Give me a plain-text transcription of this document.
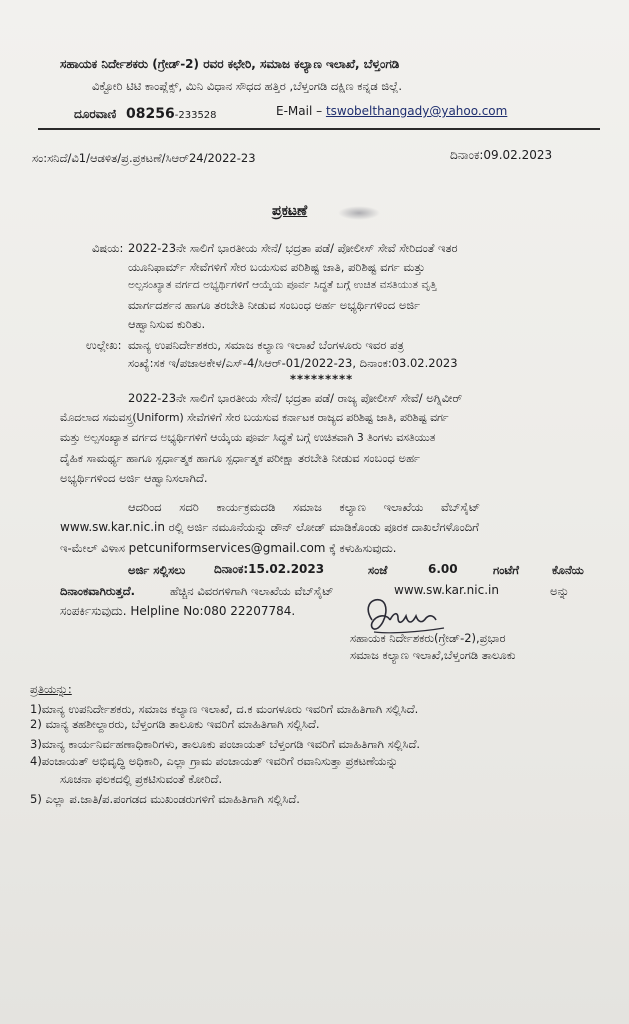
ಸಹಾಯಕ ನಿರ್ದೇಶಕರು (ಗ್ರೇಡ್-2) ರವರ ಕಛೇರಿ, ಸಮಾಜ ಕಲ್ಯಾಣ ಇಲಾಖೆ, ಬೆಳ್ತಂಗಡಿ
ವಿಕ್ಟೋರಿ ಟಿಟಿ ಕಾಂಪ್ಲೆಕ್ಸ್, ಮಿನಿ ವಿಧಾನ ಸೌಧದ ಹತ್ತಿರ ,ಬೆಳ್ತಂಗಡಿ ದಕ್ಷಿಣ ಕನ್ನಡ ಜಿಲ್ಲೆ.
ದೂರವಾಣಿ 08256-233528	E-Mail – tswobelthangady@yahoo.com
ಸಂ:ಸನಿದೆ/ವಿ1/ಆಡಳಿತ/ಪ್ರ.ಪ್ರಕಟಣೆ/ಸಿಆರ್24/2022-23	ದಿನಾಂಕ:09.02.2023
ಪ್ರಕಟಣೆ
ವಿಷಯ: 2022-23ನೇ ಸಾಲಿಗೆ ಭಾರತೀಯ ಸೇನೆ/ ಭದ್ರತಾ ಪಡೆ/ ಪೋಲೀಸ್ ಸೇವೆ ಸೇರಿದಂತೆ ಇತರ
ಯೂನಿಫಾರ್ಮ್ ಸೇವೆಗಳಿಗೆ ಸೇರ ಬಯಸುವ ಪರಿಶಿಷ್ಟ ಜಾತಿ, ಪರಿಶಿಷ್ಟ ವರ್ಗ ಮತ್ತು
ಅಲ್ಪಸಂಖ್ಯಾತ ವರ್ಗದ ಅಭ್ಯರ್ಥಿಗಳಿಗೆ ಆಯ್ಕೆಯ ಪೂರ್ವ ಸಿದ್ಧತೆ ಬಗ್ಗೆ ಉಚಿತ ವಸತಿಯುತ ವೃತ್ತಿ
ಮಾರ್ಗದರ್ಶನ ಹಾಗೂ ತರಬೇತಿ ನೀಡುವ ಸಂಬಂಧ ಅರ್ಹ ಅಭ್ಯರ್ಥಿಗಳಿಂದ ಅರ್ಜಿ
ಆಹ್ವಾನಿಸುವ ಕುರಿತು.
ಉಲ್ಲೇಖ: ಮಾನ್ಯ ಉಪನಿರ್ದೇಶಕರು, ಸಮಾಜ ಕಲ್ಯಾಣ ಇಲಾಖೆ ಬೆಂಗಳೂರು ಇವರ ಪತ್ರ
ಸಂಖ್ಯೆ:ಸಕ ಇ/ಪಜಾಅಕೇಳ/ಎಸ್-4/ಸಿಆರ್-01/2022-23, ದಿನಾಂಕ:03.02.2023
*********
2022-23ನೇ ಸಾಲಿಗೆ ಭಾರತೀಯ ಸೇನೆ/ ಭದ್ರತಾ ಪಡೆ/ ರಾಜ್ಯ ಪೋಲೀಸ್ ಸೇವೆ/ ಅಗ್ನಿವೀರ್
ಮೊದಲಾದ ಸಮವಸ್ತ್ರ(Uniform) ಸೇವೆಗಳಿಗೆ ಸೇರ ಬಯಸುವ ಕರ್ನಾಟಕ ರಾಜ್ಯದ ಪರಿಶಿಷ್ಟ ಜಾತಿ, ಪರಿಶಿಷ್ಟ ವರ್ಗ
ಮತ್ತು ಅಲ್ಪಸಂಖ್ಯಾತ ವರ್ಗದ ಅಭ್ಯರ್ಥಿಗಳಿಗೆ ಆಯ್ಕೆಯ ಪೂರ್ವ ಸಿದ್ಧತೆ ಬಗ್ಗೆ ಉಚಿತವಾಗಿ 3 ತಿಂಗಳು ವಸತಿಯುತ
ದೈಹಿಕ ಸಾಮರ್ಥ್ಯ ಹಾಗೂ ಸ್ಪರ್ಧಾತ್ಮಕ ಹಾಗೂ ಸ್ಪರ್ಧಾತ್ಮಕ ಪರೀಕ್ಷಾ ತರಬೇತಿ ನೀಡುವ ಸಂಬಂಧ ಅರ್ಹ
ಅಭ್ಯರ್ಥಿಗಳಿಂದ ಅರ್ಜಿ ಆಹ್ವಾನಿಸಲಾಗಿದೆ.
ಆದರಿಂದ ಸದರಿ ಕಾರ್ಯಕ್ರಮದಡಿ ಸಮಾಜ ಕಲ್ಯಾಣ ಇಲಾಖೆಯ ವೆಬ್‌ಸೈಟ್
www.sw.kar.nic.in ರಲ್ಲಿ ಅರ್ಜಿ ನಮೂನೆಯನ್ನು ಡೌನ್ ಲೋಡ್ ಮಾಡಿಕೊಂಡು ಪೂರಕ ದಾಖಲೆಗಳೊಂದಿಗೆ
ಇ-ಮೇಲ್ ವಿಳಾಸ petcuniformservices@gmail.com ಕ್ಕೆ ಕಳುಹಿಸುವುದು.
ಅರ್ಜಿ ಸಲ್ಲಿಸಲು ದಿನಾಂಕ:15.02.2023	ಸಂಜೆ	6.00	ಗಂಟೆಗೆ	ಕೊನೆಯ
ದಿನಾಂಕವಾಗಿರುತ್ತದೆ.	ಹೆಚ್ಚಿನ ವಿವರಗಳಿಗಾಗಿ ಇಲಾಖೆಯ ವೆಬ್‌ಸೈಟ್	www.sw.kar.nic.in	ಅನ್ನು
ಸಂಪರ್ಕಿಸುವುದು. Helpline No:080 22207784.
ಸಹಾಯಕ ನಿರ್ದೇಶಕರು(ಗ್ರೇಡ್-2),ಪ್ರಭಾರ
ಸಮಾಜ ಕಲ್ಯಾಣ ಇಲಾಖೆ,ಬೆಳ್ತಂಗಡಿ ತಾಲೂಕು
ಪ್ರತಿಯನ್ನು:
1)ಮಾನ್ಯ ಉಪನಿರ್ದೇಶಕರು, ಸಮಾಜ ಕಲ್ಯಾಣ ಇಲಾಖೆ, ದ.ಕ ಮಂಗಳೂರು ಇವರಿಗೆ ಮಾಹಿತಿಗಾಗಿ ಸಲ್ಲಿಸಿದೆ.
2) ಮಾನ್ಯ ತಹಶೀಲ್ದಾರರು, ಬೆಳ್ತಂಗಡಿ ತಾಲೂಕು ಇವರಿಗೆ ಮಾಹಿತಿಗಾಗಿ ಸಲ್ಲಿಸಿದೆ.
3)ಮಾನ್ಯ ಕಾರ್ಯನಿರ್ವಹಣಾಧಿಕಾರಿಗಳು, ತಾಲೂಕು ಪಂಚಾಯತ್ ಬೆಳ್ತಂಗಡಿ ಇವರಿಗೆ ಮಾಹಿತಿಗಾಗಿ ಸಲ್ಲಿಸಿದೆ.
4)ಪಂಚಾಯತ್ ಅಭಿವೃದ್ಧಿ ಅಧಿಕಾರಿ, ಎಲ್ಲಾ ಗ್ರಾಮ ಪಂಚಾಯತ್ ಇವರಿಗೆ ರವಾನಿಸುತ್ತಾ ಪ್ರಕಟಣೆಯನ್ನು
ಸೂಚನಾ ಫಲಕದಲ್ಲಿ ಪ್ರಕಟಿಸುವಂತೆ ಕೋರಿದೆ.
5) ಎಲ್ಲಾ ಪ.ಜಾತಿ/ಪ.ಪಂಗಡದ ಮುಖಂಡರುಗಳಿಗೆ ಮಾಹಿತಿಗಾಗಿ ಸಲ್ಲಿಸಿದೆ.
